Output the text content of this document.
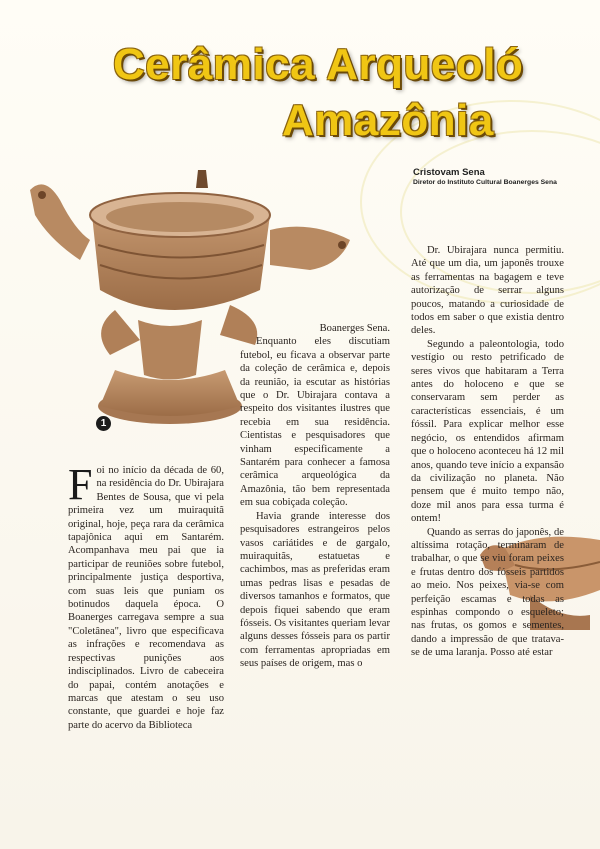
Cerâmica Arqueoló
Amazônia
Cristovam Sena
Diretor do Instituto Cultural Boanerges Sena
1

Foi no início da década de 60, na residência do Dr. Ubirajara Bentes de Sousa, que vi pela primeira vez um muiraquitã original, hoje, peça rara da cerâmica tapajônica aqui em Santarém. Acompanhava meu pai que ia participar de reuniões sobre futebol, principalmente justiça desportiva, com suas leis que puniam os botinudos daquela época. O Boanerges carregava sempre a sua "Coletânea", livro que especificava as infrações e recomendava as respectivas punições aos indisciplinados. Livro de cabeceira do papai, contém anotações e marcas que atestam o seu uso constante, que guardei e hoje faz parte do acervo da Biblioteca

Boanerges Sena.

Enquanto eles discutiam futebol, eu ficava a observar parte da coleção de cerâmica e, depois da reunião, ia escutar as histórias que o Dr. Ubirajara contava a respeito dos visitantes ilustres que recebia em sua residência. Cientistas e pesquisadores que vinham especificamente a Santarém para conhecer a famosa cerâmica arqueológica da Amazônia, tão bem representada em sua cobiçada coleção.

Havia grande interesse dos pesquisadores estrangeiros pelos vasos cariátides e de gargalo, muiraquitãs, estatuetas e cachimbos, mas as preferidas eram umas pedras lisas e pesadas de diversos tamanhos e formatos, que depois fiquei sabendo que eram fósseis. Os visitantes queriam levar alguns desses fósseis para os partir com ferramentas apropriadas em seus países de origem, mas o

Dr. Ubirajara nunca permitiu. Até que um dia, um japonês trouxe as ferramentas na bagagem e teve autorização de serrar alguns poucos, matando a curiosidade de todos em saber o que existia dentro deles.

Segundo a paleontologia, todo vestígio ou resto petrificado de seres vivos que habitaram a Terra antes do holoceno e que se conservaram sem perder as características essenciais, é um fóssil. Para explicar melhor esse negócio, os entendidos afirmam que o holoceno aconteceu há 12 mil anos, quando teve início a expansão da civilização no planeta. Não pensem que é muito tempo não, doze mil anos para essa turma é ontem!

Quando as serras do japonês, de altíssima rotação, terminaram de trabalhar, o que se viu foram peixes e frutas dentro dos fósseis partidos ao meio. Nos peixes, via-se com perfeição escamas e todas as espinhas compondo o esqueleto; nas frutas, os gomos e sementes, dando a impressão de que tratava-se de uma laranja. Posso até estar
